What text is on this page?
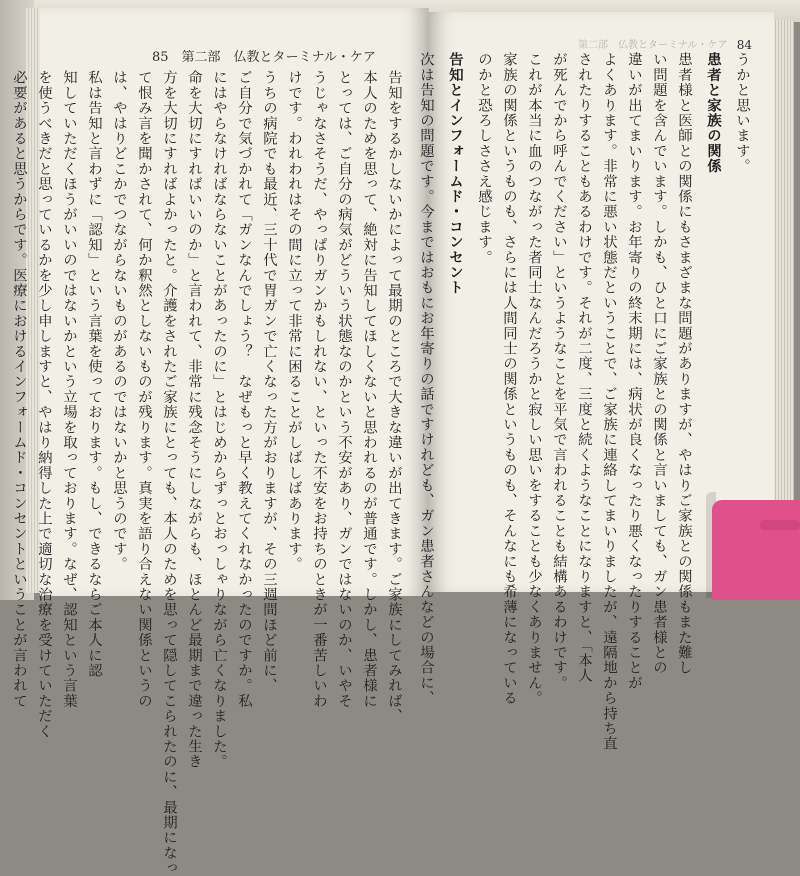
85　第二部　仏教とターミナル・ケア

告知をするかしないかによって最期のところで大きな違いが出てきます。ご家族にしてみれば、

本人のためを思って、絶対に告知してほしくないと思われるのが普通です。しかし、患者様に

とっては、ご自分の病気がどういう状態なのかという不安があり、ガンではないのか、いやそ

うじゃなさそうだ、やっぱりガンかもしれない、といった不安をお持ちのときが一番苦しいわ

けです。われわれはその間に立って非常に困ることがしばしばあります。

うちの病院でも最近、三十代で胃ガンで亡くなった方がおりますが、その三週間ほど前に、

ご自分で気づかれて「ガンなんでしょう？　なぜもっと早く教えてくれなかったのですか。私

にはやらなければならないことがあったのに」とはじめからずっとおっしゃりながら亡くなりました。

命を大切にすればいいのか」と言われて、非常に残念そうにしながらも、ほとんど最期まで違った生き

方を大切にすればよかったと。介護をされたご家族にとっても、本人のためを思って隠してこられたのに、最期になっ

て恨み言を聞かされて、何か釈然としないものが残ります。真実を語り合えない関係というの

は、やはりどこかでつながらないものがあるのではないかと思うのです。

私は告知と言わずに「認知」という言葉を使っております。もし、できるならご本人に認

知していただくほうがいいのではないかという立場を取っております。なぜ、認知という言葉

を使うべきだと思っているかを少し申しますと、やはり納得した上で適切な治療を受けていただく

必要があると思うからです。医療におけるインフォームド・コンセントということが言われて

第二部　仏教とターミナル・ケア 84

うかと思います。

患者と家族の関係

患者様と医師との関係にもさまざまな問題がありますが、やはりご家族との関係もまた難し

い問題を含んでいます。しかも、ひと口にご家族との関係と言いましても、ガン患者様との

違いが出てまいります。お年寄りの終末期には、病状が良くなったり悪くなったりすることが

よくあります。非常に悪い状態だということで、ご家族に連絡してまいりましたが、遠隔地から持ち直

されたりすることもあるわけです。それが二度、三度と続くようなことになりますと、「本人

が死んでから呼んでください」というようなことを平気で言われることも結構あるわけです。

これが本当に血のつながった者同士なんだろうかと寂しい思いをすることも少なくありません。

家族の関係というものも、さらには人間同士の関係というものも、そんなにも希薄になっている

のかと恐ろしささえ感じます。

告知とインフォームド・コンセント

次は告知の問題です。今まではおもにお年寄りの話ですけれども、ガン患者さんなどの場合に、
